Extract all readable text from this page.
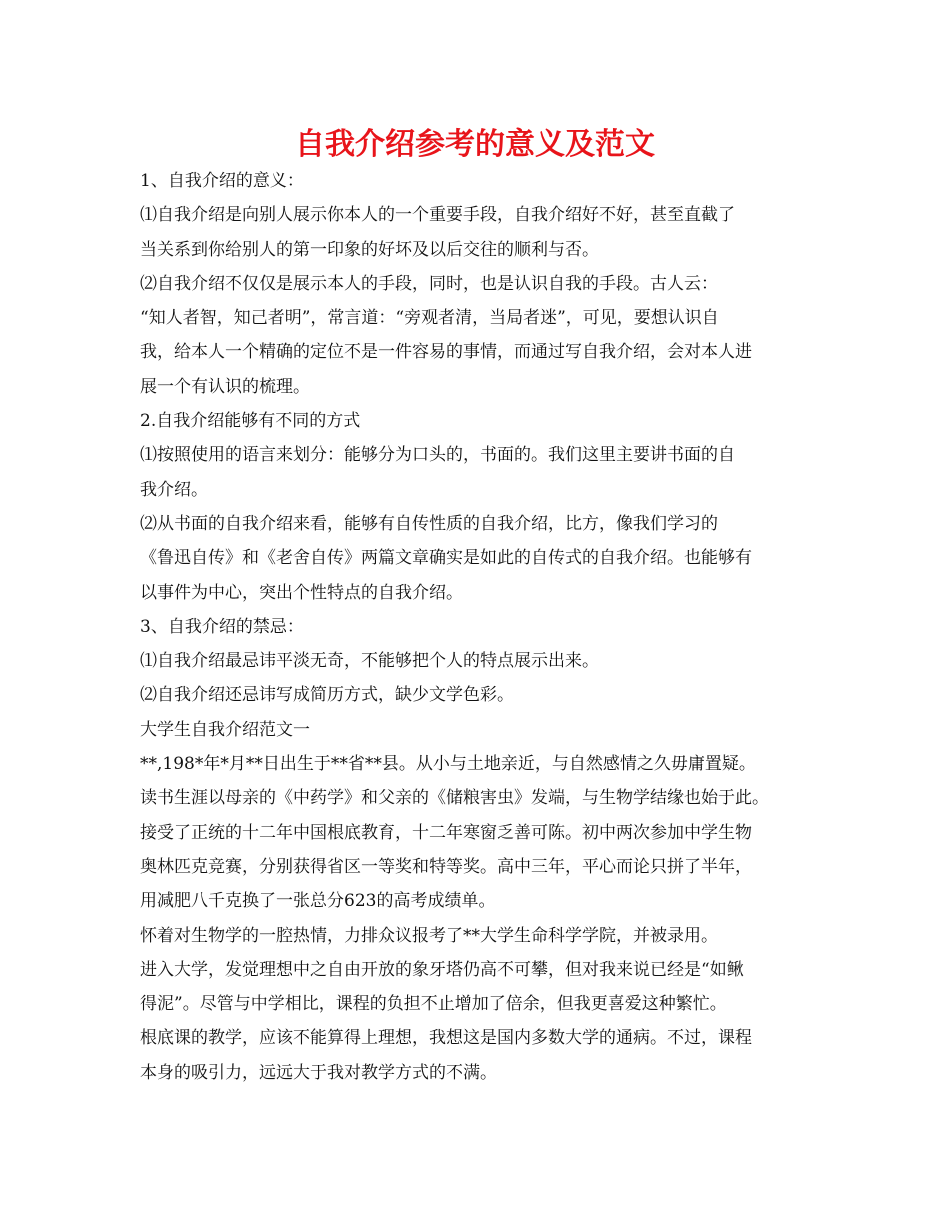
自我介绍参考的意义及范文
1、自我介绍的意义：
⑴自我介绍是向别人展示你本人的一个重要手段，自我介绍好不好，甚至直截了
当关系到你给别人的第一印象的好坏及以后交往的顺利与否。
⑵自我介绍不仅仅是展示本人的手段，同时，也是认识自我的手段。古人云：
“知人者智，知己者明”，常言道：“旁观者清，当局者迷”，可见，要想认识自
我，给本人一个精确的定位不是一件容易的事情，而通过写自我介绍，会对本人进
展一个有认识的梳理。
2.自我介绍能够有不同的方式
⑴按照使用的语言来划分：能够分为口头的，书面的。我们这里主要讲书面的自
我介绍。
⑵从书面的自我介绍来看，能够有自传性质的自我介绍，比方，像我们学习的
《鲁迅自传》和《老舍自传》两篇文章确实是如此的自传式的自我介绍。也能够有
以事件为中心，突出个性特点的自我介绍。
3、自我介绍的禁忌：
⑴自我介绍最忌讳平淡无奇，不能够把个人的特点展示出来。
⑵自我介绍还忌讳写成简历方式，缺少文学色彩。
大学生自我介绍范文一
**,198*年*月**日出生于**省**县。从小与土地亲近，与自然感情之久毋庸置疑。
读书生涯以母亲的《中药学》和父亲的《储粮害虫》发端，与生物学结缘也始于此。
接受了正统的十二年中国根底教育，十二年寒窗乏善可陈。初中两次参加中学生物
奥林匹克竞赛，分别获得省区一等奖和特等奖。高中三年，平心而论只拼了半年，
用减肥八千克换了一张总分623的高考成绩单。
怀着对生物学的一腔热情，力排众议报考了**大学生命科学学院，并被录用。
进入大学，发觉理想中之自由开放的象牙塔仍高不可攀，但对我来说已经是“如鳅
得泥”。尽管与中学相比，课程的负担不止增加了倍余，但我更喜爱这种繁忙。
根底课的教学，应该不能算得上理想，我想这是国内多数大学的通病。不过，课程
本身的吸引力，远远大于我对教学方式的不满。
